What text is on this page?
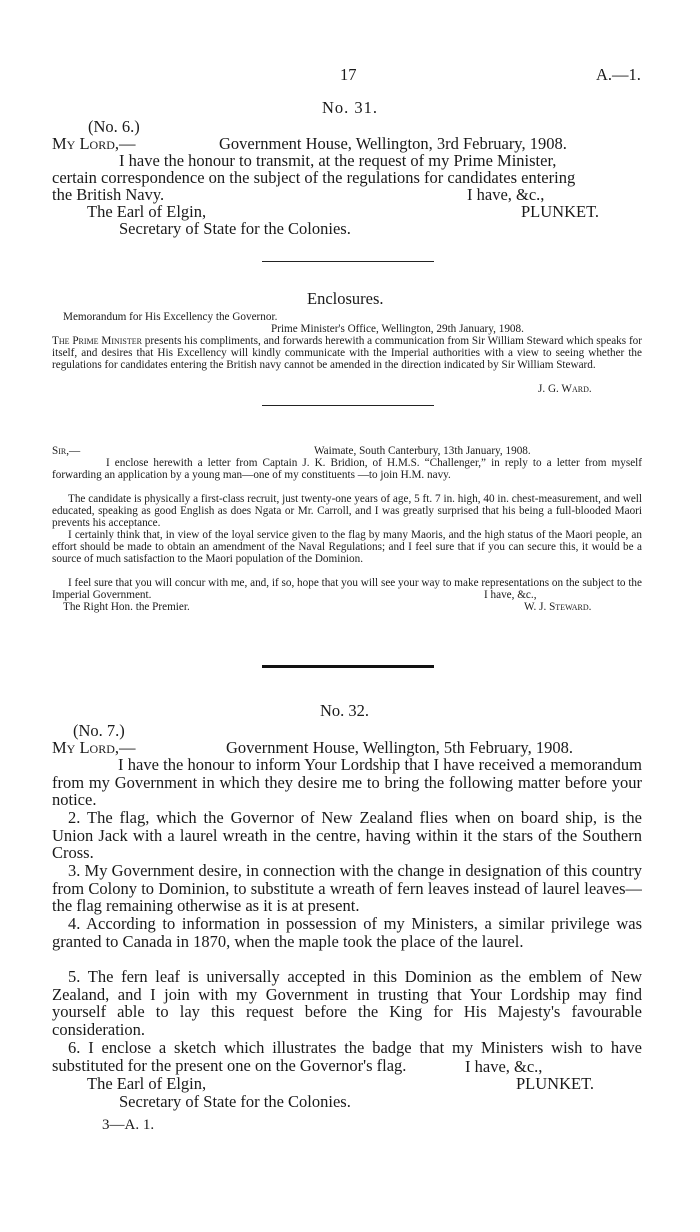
17	A.—1.
No. 31.
(No. 6.)
My Lord,—	Government House, Wellington, 3rd February, 1908.
I have the honour to transmit, at the request of my Prime Minister,
certain correspondence on the subject of the regulations for candidates entering
the British Navy.	I have, &c.,
The Earl of Elgin,	PLUNKET.
Secretary of State for the Colonies.
Enclosures.
Memorandum for His Excellency the Governor.
Prime Minister's Office, Wellington, 29th January, 1908.
The Prime Minister presents his compliments, and forwards herewith a communication from Sir William Steward which speaks for itself, and desires that His Excellency will kindly communicate with the Imperial authorities with a view to seeing whether the regulations for candidates entering the British navy cannot be amended in the direction indicated by Sir William Steward.
J. G. Ward.
Sir,—	Waimate, South Canterbury, 13th January, 1908.
I enclose herewith a letter from Captain J. K. Bridion, of H.M.S. “Challenger,” in reply to a letter from myself forwarding an application by a young man—one of my constituents —to join H.M. navy.
The candidate is physically a first-class recruit, just twenty-one years of age, 5 ft. 7 in. high, 40 in. chest-measurement, and well educated, speaking as good English as does Ngata or Mr. Carroll, and I was greatly surprised that his being a full-blooded Maori prevents his acceptance.
I certainly think that, in view of the loyal service given to the flag by many Maoris, and the high status of the Maori people, an effort should be made to obtain an amendment of the Naval Regulations; and I feel sure that if you can secure this, it would be a source of much satisfaction to the Maori population of the Dominion.
I feel sure that you will concur with me, and, if so, hope that you will see your way to make representations on the subject to the Imperial Government.	I have, &c.,
The Right Hon. the Premier.	W. J. Steward.
No. 32.
(No. 7.)
My Lord,—	Government House, Wellington, 5th February, 1908.
I have the honour to inform Your Lordship that I have received a memorandum from my Government in which they desire me to bring the following matter before your notice.
2. The flag, which the Governor of New Zealand flies when on board ship, is the Union Jack with a laurel wreath in the centre, having within it the stars of the Southern Cross.
3. My Government desire, in connection with the change in designation of this country from Colony to Dominion, to substitute a wreath of fern leaves instead of laurel leaves—the flag remaining otherwise as it is at present.
4. According to information in possession of my Ministers, a similar privilege was granted to Canada in 1870, when the maple took the place of the laurel.
5. The fern leaf is universally accepted in this Dominion as the emblem of New Zealand, and I join with my Government in trusting that Your Lordship may find yourself able to lay this request before the King for His Majesty's favourable consideration.
6. I enclose a sketch which illustrates the badge that my Ministers wish to have substituted for the present one on the Governor's flag.	I have, &c.,
The Earl of Elgin,	PLUNKET.
Secretary of State for the Colonies.
3—A. 1.
